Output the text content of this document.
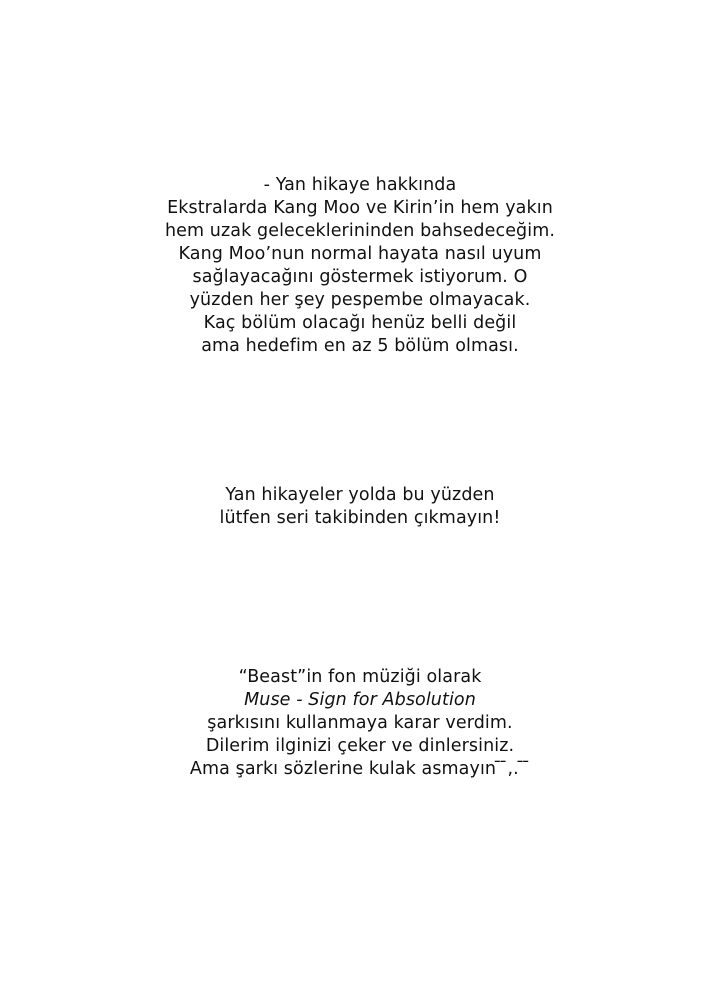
- Yan hikaye hakkında

Ekstralarda Kang Moo ve Kirin’in hem yakın

hem uzak geleceklerininden bahsedeceğim.

Kang Moo’nun normal hayata nasıl uyum

sağlayacağını göstermek istiyorum. O

yüzden her şey pespembe olmayacak.

Kaç bölüm olacağı henüz belli değil

ama hedefim en az 5 bölüm olması.

Yan hikayeler yolda bu yüzden

lütfen seri takibinden çıkmayın!

“Beast”in fon müziği olarak

Muse - Sign for Absolution

şarkısını kullanmaya karar verdim.

Dilerim ilginizi çeker ve dinlersiniz.

Ama şarkı sözlerine kulak asmayın ̄ ̄,. ̄ ̄
